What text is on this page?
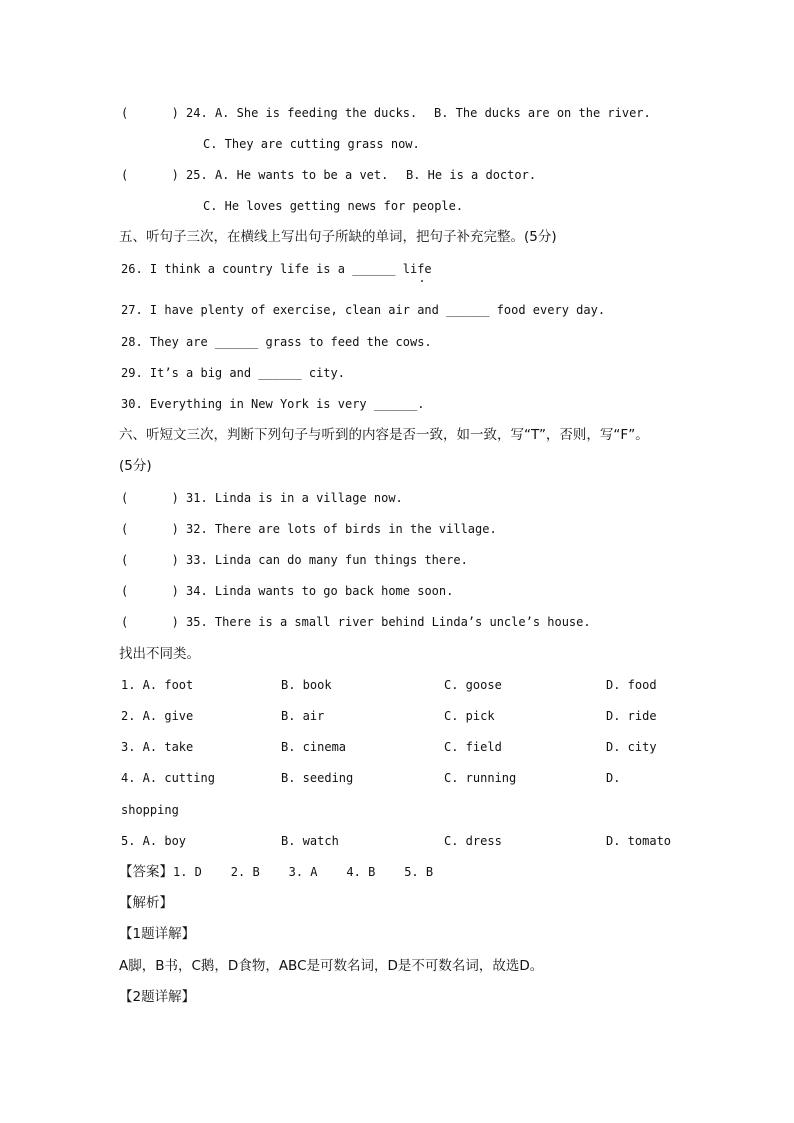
(      ) 24. A. She is feeding the ducks. B. The ducks are on the river.
C. They are cutting grass now.
(      ) 25. A. He wants to be a vet. B. He is a doctor.
C. He loves getting news for people.
五、听句子三次，在横线上写出句子所缺的单词，把句子补充完整。(5分)
26. I think a country life is a ______ life
27. I have plenty of exercise, clean air and ______ food every day.
28. They are ______ grass to feed the cows.
29. It’s a big and ______ city.
30. Everything in New York is very ______.
六、听短文三次，判断下列句子与听到的内容是否一致，如一致，写“T”，否则，写“F”。
(5分)
(      ) 31. Linda is in a village now.
(      ) 32. There are lots of birds in the village.
(      ) 33. Linda can do many fun things there.
(      ) 34. Linda wants to go back home soon.
(      ) 35. There is a small river behind Linda’s uncle’s house.
找出不同类。
1. A. foot	B. book	C. goose	D. food
2. A. give	B. air	C. pick	D. ride
3. A. take	B. cinema	C. field	D. city
4. A. cutting	B. seeding	C. running	D.
shopping
5. A. boy	B. watch	C. dress	D. tomato
【答案】1. D    2. B    3. A    4. B    5. B
【解析】
【1题详解】
A脚，B书，C鹅，D食物，ABC是可数名词，D是不可数名词，故选D。
【2题详解】
